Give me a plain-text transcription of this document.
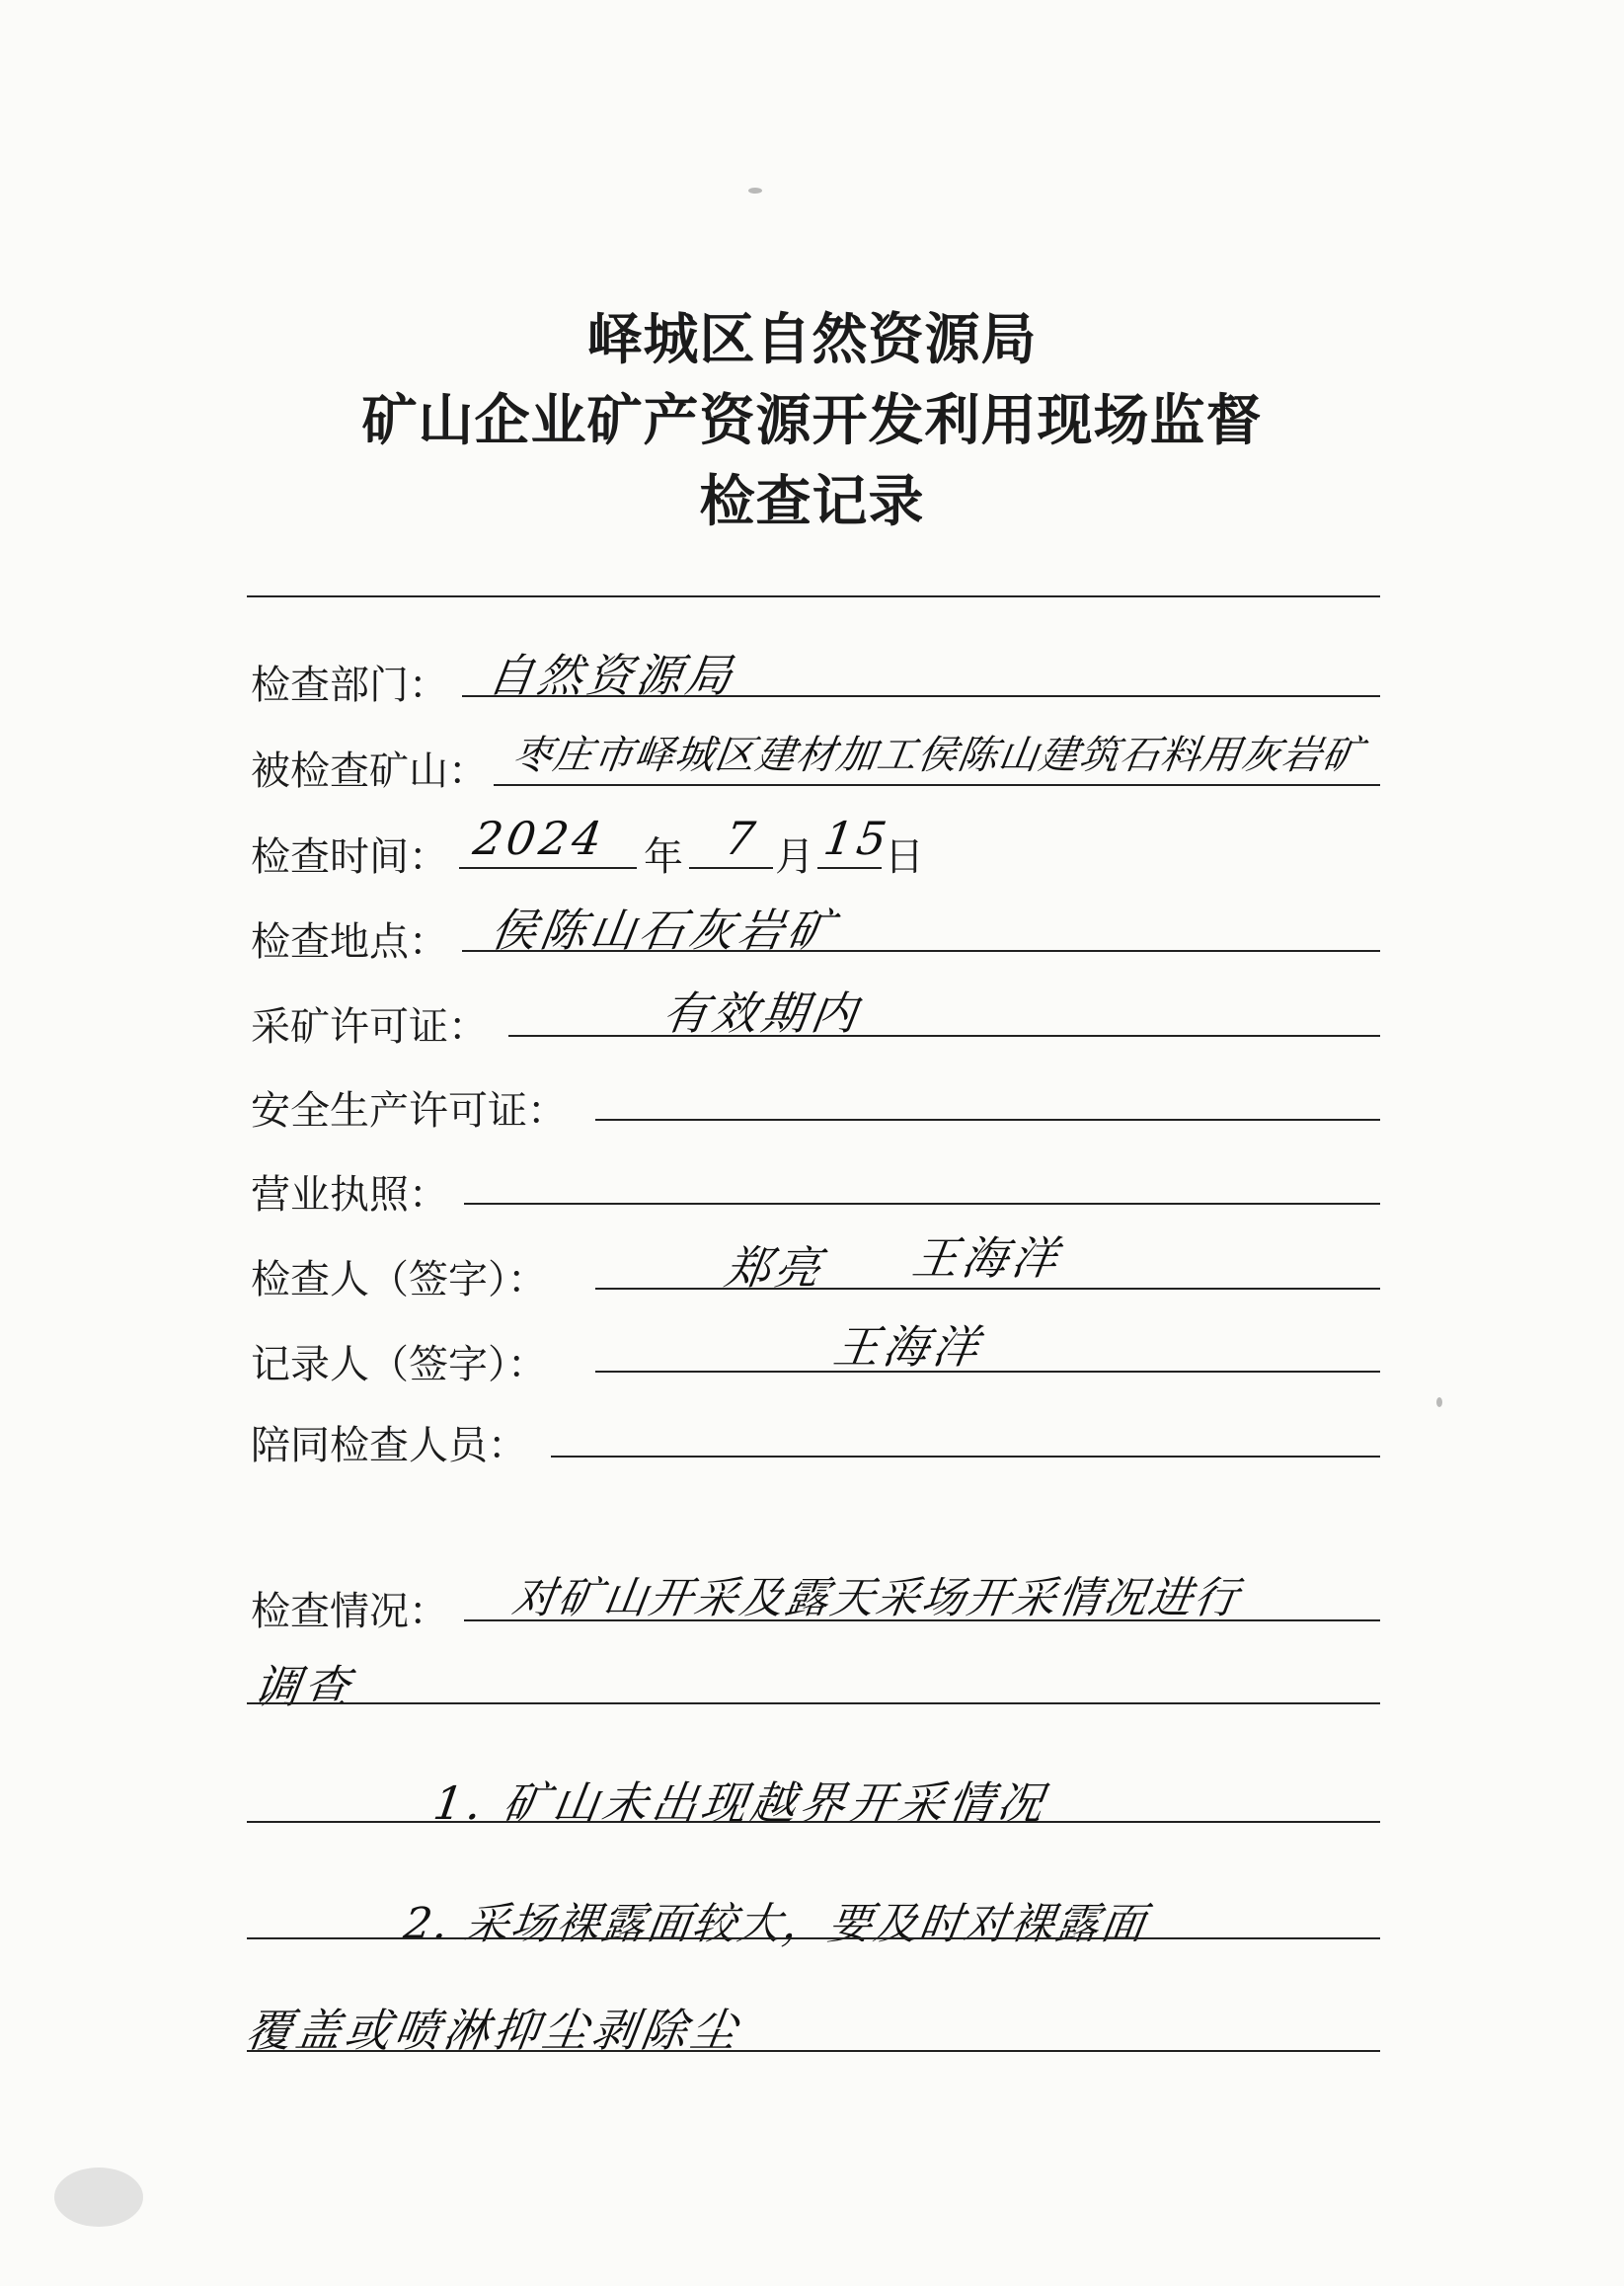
峄城区自然资源局
矿山企业矿产资源开发利用现场监督
检查记录
检查部门： 自然资源局
被检查矿山： 枣庄市峄城区建材加工侯陈山建筑石料用灰岩矿
检查时间： 2024 年 7 月 15
日
检查地点： 侯陈山石灰岩矿
采矿许可证：	有效期内
安全生产许可证：
营业执照：
检查人（签字）：	郑亮 王海洋
记录人（签字）：	王海洋
陪同检查人员：
检查情况： 对矿山开采及露天采场开采情况进行
调查
1. 矿山未出现越界开采情况
2. 采场裸露面较大，要及时对裸露面
覆盖或喷淋抑尘剥除尘
